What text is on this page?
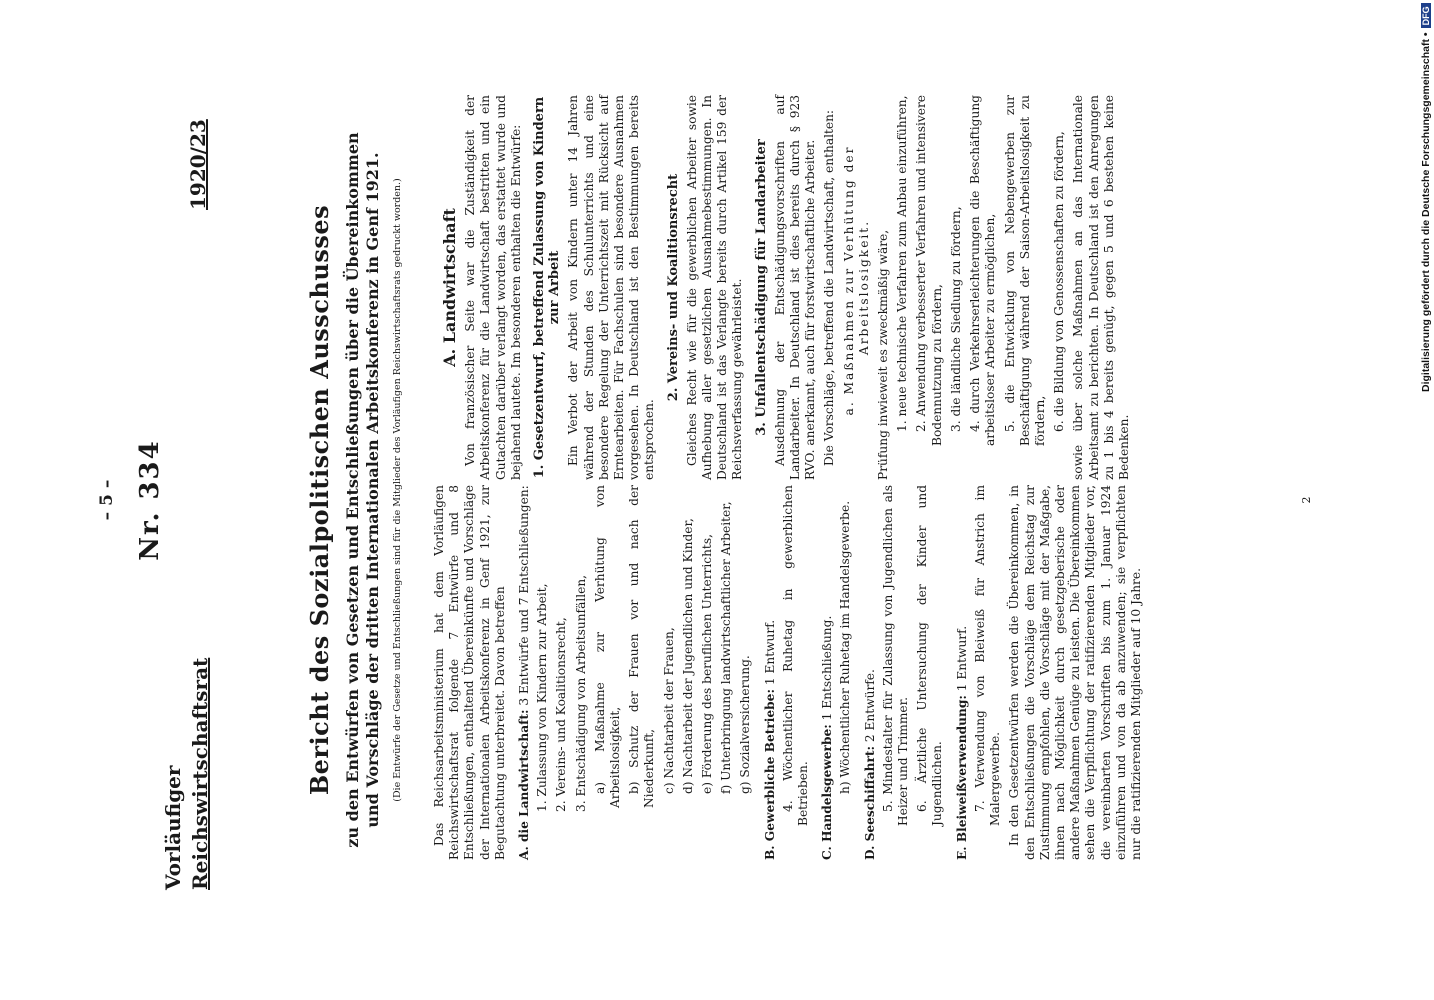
– 5 – Nr. 334
Vorläufiger Reichswirtschaftsrat
1920/23
Bericht des Sozialpolitischen Ausschusses zu den Entwürfen von Gesetzen und Entschließungen über die Übereinkommen und Vorschläge der dritten Internationalen Arbeitskonferenz in Genf 1921. (Die Entwürfe der Gesetze und Entschließungen sind für die Mitglieder des Vorläufigen Reichswirtschaftsrats gedruckt worden.) Das Reichsarbeitsministerium hat dem Vorläufigen Reichswirtschaftsrat folgende 7 Entwürfe und 8 Entschließungen, enthaltend Übereinkünfte und Vorschläge der Internationalen Arbeitskonferenz in Genf 1921, zur Begutachtung unterbreitet. Davon betreffen A. die Landwirtschaft: 3 Entwürfe und 7 Entschließungen: 1. Zulassung von Kindern zur Arbeit, 2. Vereins- und Koalitionsrecht, 3. Entschädigung von Arbeitsunfällen, a) Maßnahme zur Verhütung von Arbeitslosigkeit, b) Schutz der Frauen vor und nach der Niederkunft, c) Nachtarbeit der Frauen, d) Nachtarbeit der Jugendlichen und Kinder, e) Förderung des beruflichen Unterrichts, f) Unterbringung landwirtschaftlicher Arbeiter, g) Sozialversicherung. B. Gewerbliche Betriebe: 1 Entwurf. 4. Wöchentlicher Ruhetag in gewerblichen Betrieben. C. Handelsgewerbe: 1 Entschließung. h) Wöchentlicher Ruhetag im Handelsgewerbe.

D. Seeschiffahrt: 2 Entwürfe. 5. Mindestalter für Zulassung von Jugendlichen als Heizer und Trimmer. 6. Ärztliche Untersuchung der Kinder und Jugendlichen. E. Bleiweißverwendung: 1 Entwurf. 7. Verwendung von Bleiweiß für Anstrich im Malergewerbe. In den Gesetzentwürfen werden die Übereinkommen, in den Entschließungen die Vorschläge dem Reichstag zur Zustimmung empfohlen, die Vorschläge mit der Maßgabe, ihnen nach Möglichkeit durch gesetzgeberische oder andere Maßnahmen Genüge zu leisten. Die Übereinkommen sehen die Verpflichtung der ratifizierenden Mitglieder vor, die vereinbarten Vorschriften bis zum 1. Januar 1924 einzuführen und von da ab anzuwenden; sie verpflichten nur die ratifizierenden Mitglieder auf 10 Jahre.

A. Landwirtschaft Von französischer Seite war die Zuständigkeit der Arbeitskonferenz für die Landwirtschaft bestritten und ein Gutachten darüber verlangt worden, das erstattet wurde und bejahend lautete. Im besonderen enthalten die Entwürfe: 1. Gesetzentwurf, betreffend Zulassung von Kindern zur Arbeit Ein Verbot der Arbeit von Kindern unter 14 Jahren während der Stunden des Schulunterrichts und eine besondere Regelung der Unterrichtszeit mit Rücksicht auf Erntearbeiten. Für Fachschulen sind besondere Ausnahmen vorgesehen. In Deutschland ist den Bestimmungen bereits entsprochen.

2. Vereins- und Koalitionsrecht Gleiches Recht wie für die gewerblichen Arbeiter sowie Aufhebung aller gesetzlichen Ausnahmebestimmungen. In Deutschland ist das Verlangte bereits durch Artikel 159 der Reichsverfassung gewährleistet. 3. Unfallentschädigung für Landarbeiter Ausdehnung der Entschädigungsvorschriften auf Landarbeiter. In Deutschland ist dies bereits durch § 923 RVO. anerkannt, auch für forstwirtschaftliche Arbeiter. Die Vorschläge, betreffend die Landwirtschaft, enthalten: a. Maßnahmen zur Verhütung der Arbeitslosigkeit. Prüfung inwieweit es zweckmäßig wäre, 1. neue technische Verfahren zum Anbau einzuführen, 2. Anwendung verbesserter Verfahren und intensivere Bodennutzung zu fördern, 3. die ländliche Siedlung zu fördern, 4. durch Verkehrserleichterungen die Beschäftigung arbeitsloser Arbeiter zu ermöglichen, 5. die Entwicklung von Nebengewerben zur Beschäftigung während der Saison-Arbeitslosigkeit zu fördern, 6. die Bildung von Genossenschaften zu fördern, sowie über solche Maßnahmen an das Internationale Arbeitsamt zu berichten. In Deutschland ist den Anregungen zu 1 bis 4 bereits genügt, gegen 5 und 6 bestehen keine Bedenken.

2
Digitalisierung gefördert durch die Deutsche Forschungsgemeinschaft •DFG
